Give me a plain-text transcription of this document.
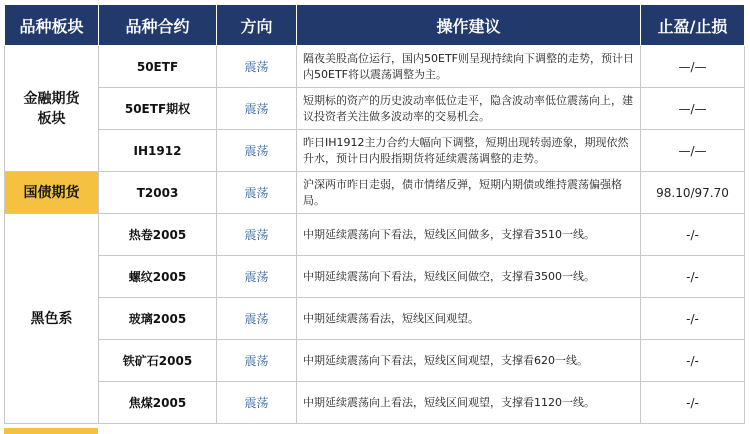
品种板块	品种合约	方向	操作建议	止盈/止损
金融期货板块	50ETF	震荡	隔夜美股高位运行，国内50ETF则呈现持续向下调整的走势，预计日内50ETF将以震荡调整为主。	—/—
	50ETF期权	震荡	短期标的资产的历史波动率低位走平，隐含波动率低位震荡向上，建议投资者关注做多波动率的交易机会。	—/—
	IH1912	震荡	昨日IH1912主力合约大幅向下调整，短期出现转弱迹象，期现依然升水，预计日内股指期货将延续震荡调整的走势。	—/—
国债期货	T2003	震荡	沪深两市昨日走弱，债市情绪反弹，短期内期债或维持震荡偏强格局。	98.10/97.70
黑色系	热卷2005	震荡	中期延续震荡向下看法，短线区间做多，支撑看3510一线。	-/-
	螺纹2005	震荡	中期延续震荡向下看法，短线区间做空，支撑看3500一线。	-/-
	玻璃2005	震荡	中期延续震荡看法，短线区间观望。	-/-
	铁矿石2005	震荡	中期延续震荡向下看法，短线区间观望，支撑看620一线。	-/-
	焦煤2005	震荡	中期延续震荡向上看法，短线区间观望，支撑看1120一线。	-/-
